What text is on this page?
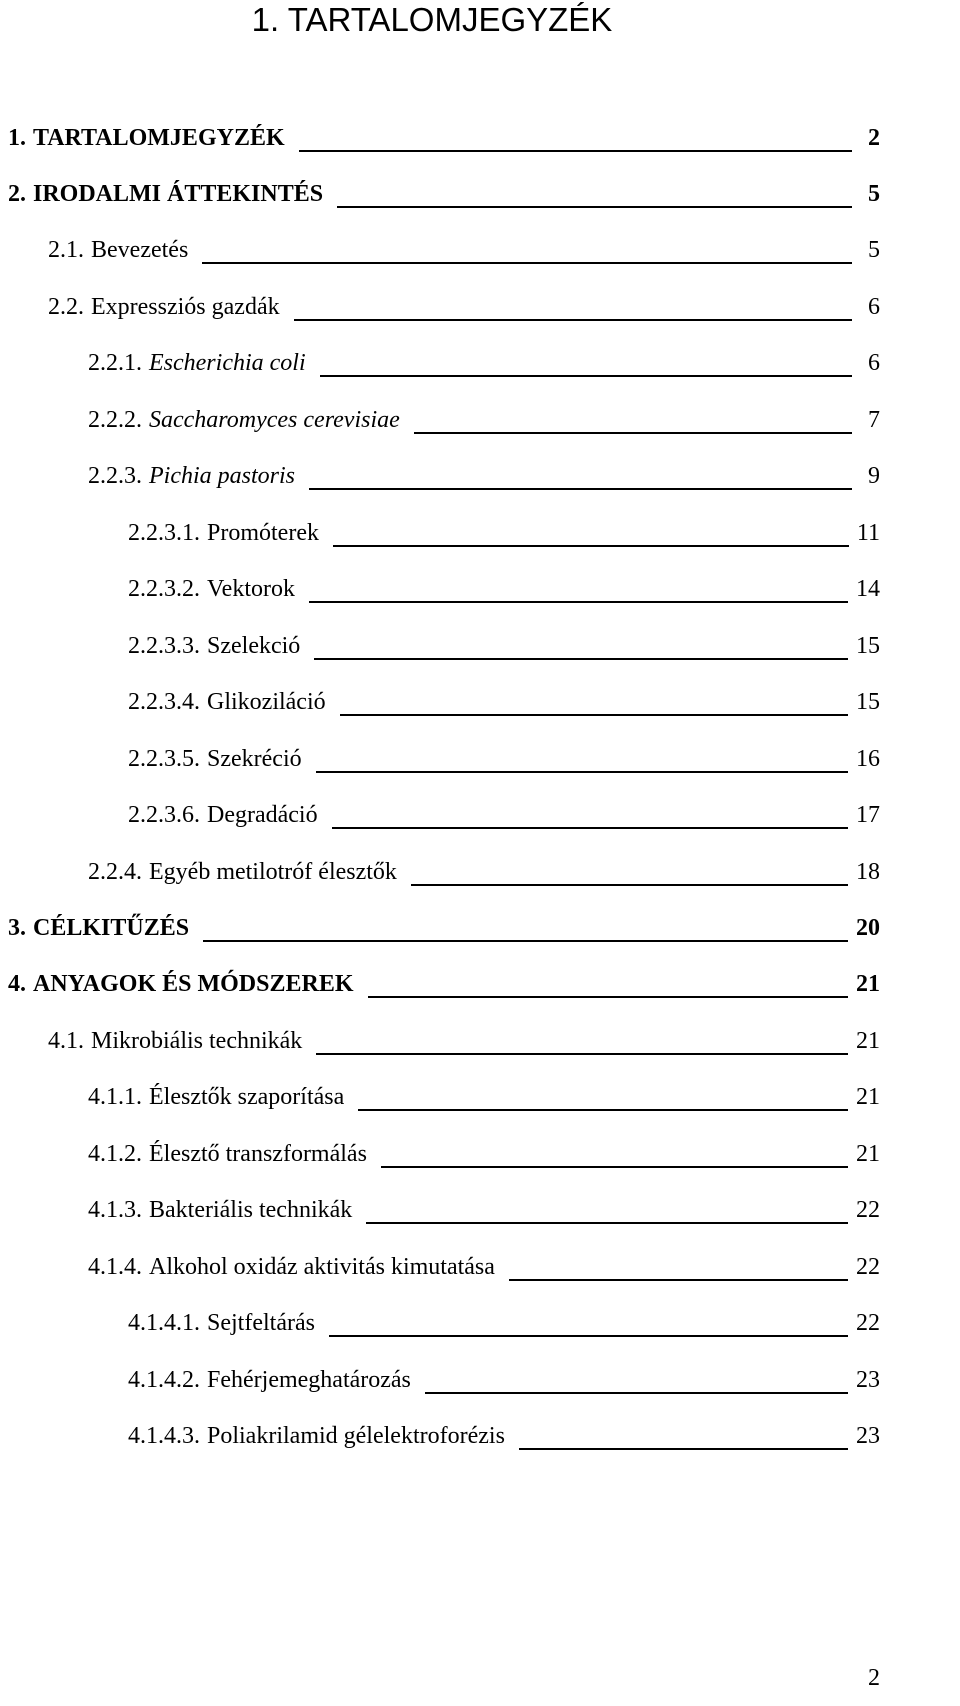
1. TARTALOMJEGYZÉK
1. TARTALOMJEGYZÉK	2
2. IRODALMI ÁTTEKINTÉS	5
2.1. Bevezetés	5
2.2. Expressziós gazdák	6
2.2.1. Escherichia coli	6
2.2.2. Saccharomyces cerevisiae	7
2.2.3. Pichia pastoris	9
2.2.3.1. Promóterek	11
2.2.3.2. Vektorok	14
2.2.3.3. Szelekció	15
2.2.3.4. Glikoziláció	15
2.2.3.5. Szekréció	16
2.2.3.6. Degradáció	17
2.2.4. Egyéb metilotróf élesztők	18
3. CÉLKITŰZÉS	20
4. ANYAGOK ÉS MÓDSZEREK	21
4.1. Mikrobiális technikák	21
4.1.1. Élesztők szaporítása	21
4.1.2. Élesztő transzformálás	21
4.1.3. Bakteriális technikák	22
4.1.4. Alkohol oxidáz aktivitás kimutatása	22
4.1.4.1. Sejtfeltárás	22
4.1.4.2. Fehérjemeghatározás	23
4.1.4.3. Poliakrilamid gélelektroforézis	23
2
